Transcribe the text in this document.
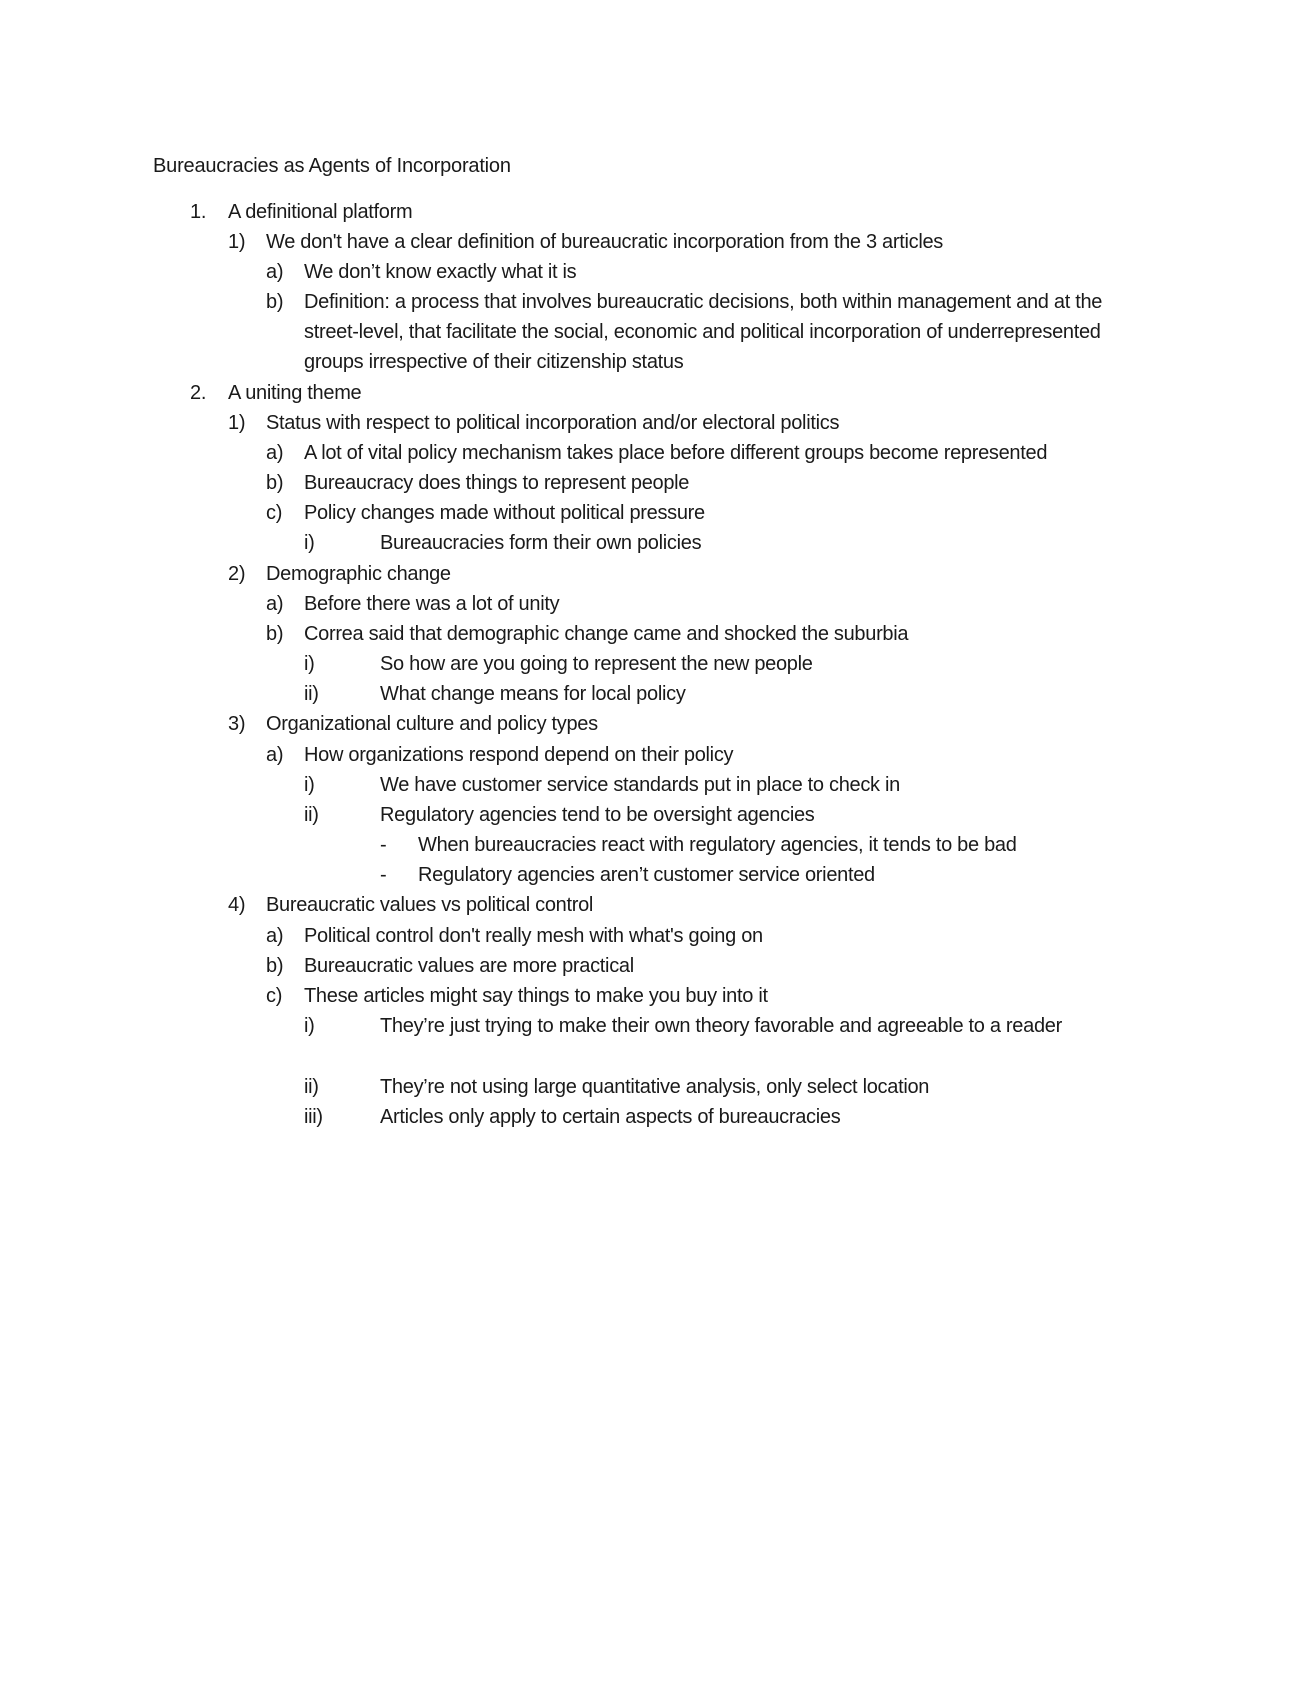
Bureaucracies as Agents of Incorporation
1. A definitional platform
1) We don't have a clear definition of bureaucratic incorporation from the 3 articles
a) We don’t know exactly what it is
b) Definition: a process that involves bureaucratic decisions, both within management and at the street-level, that facilitate the social, economic and political incorporation of underrepresented groups irrespective of their citizenship status
2. A uniting theme
1) Status with respect to political incorporation and/or electoral politics
a) A lot of vital policy mechanism takes place before different groups become represented
b) Bureaucracy does things to represent people
c) Policy changes made without political pressure
i)	Bureaucracies form their own policies
2) Demographic change
a) Before there was a lot of unity
b) Correa said that demographic change came and shocked the suburbia
i)	So how are you going to represent the new people
ii)	What change means for local policy
3) Organizational culture and policy types
a) How organizations respond depend on their policy
i)	We have customer service standards put in place to check in
ii)	Regulatory agencies tend to be oversight agencies
- When bureaucracies react with regulatory agencies, it tends to be bad
- Regulatory agencies aren’t customer service oriented
4) Bureaucratic values vs political control
a) Political control don't really mesh with what's going on
b) Bureaucratic values are more practical
c) These articles might say things to make you buy into it
i)	They’re just trying to make their own theory favorable and agreeable to a reader
ii)	They’re not using large quantitative analysis, only select location
iii)	Articles only apply to certain aspects of bureaucracies
